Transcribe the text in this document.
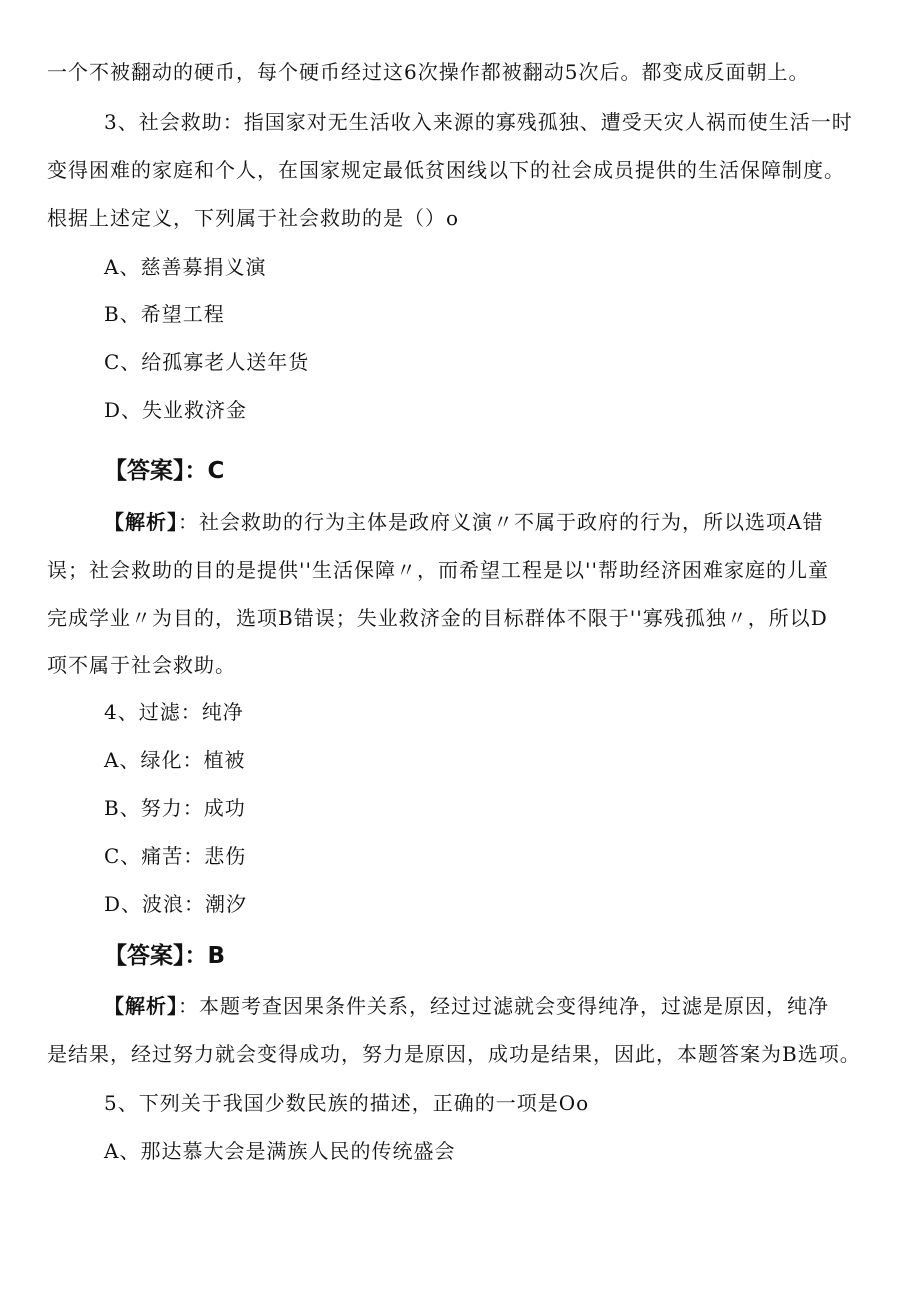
一个不被翻动的硬币，每个硬币经过这6次操作都被翻动5次后。都变成反面朝上。
3、社会救助：指国家对无生活收入来源的寡残孤独、遭受天灾人祸而使生活一时
变得困难的家庭和个人，在国家规定最低贫困线以下的社会成员提供的生活保障制度。
根据上述定义，下列属于社会救助的是（）o
A、慈善募捐义演
B、希望工程
C、给孤寡老人送年货
D、失业救济金
【答案】：C
【解析】：社会救助的行为主体是政府义演〃不属于政府的行为，所以选项A错
误；社会救助的目的是提供''生活保障〃，而希望工程是以''帮助经济困难家庭的儿童
完成学业〃为目的，选项B错误；失业救济金的目标群体不限于''寡残孤独〃，所以D
项不属于社会救助。
4、过滤：纯净
A、绿化：植被
B、努力：成功
C、痛苦：悲伤
D、波浪：潮汐
【答案】：B
【解析】：本题考查因果条件关系，经过过滤就会变得纯净，过滤是原因，纯净
是结果，经过努力就会变得成功，努力是原因，成功是结果，因此，本题答案为B选项。
5、下列关于我国少数民族的描述，正确的一项是Oo
A、那达慕大会是满族人民的传统盛会
